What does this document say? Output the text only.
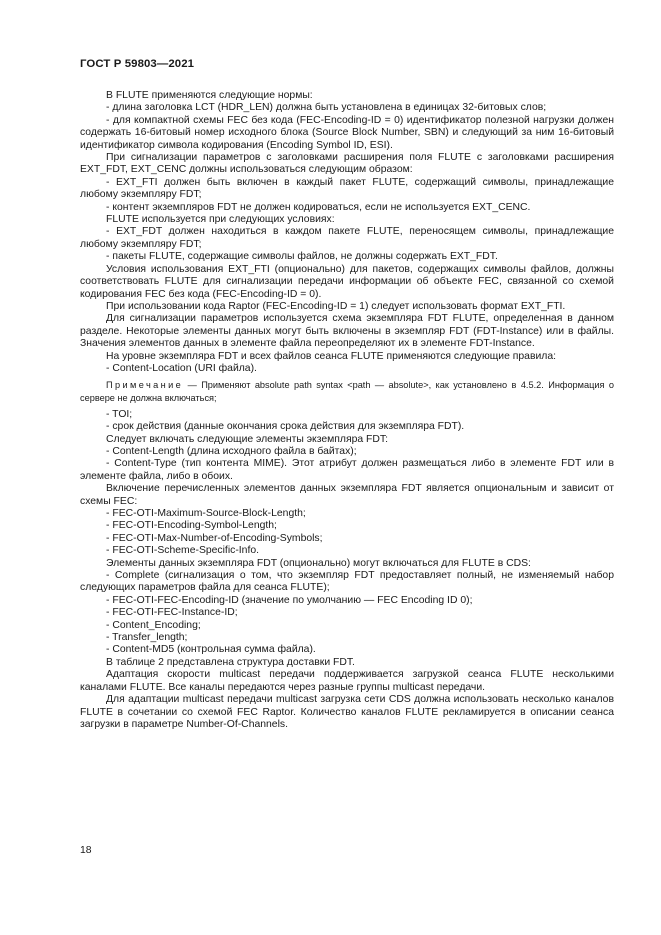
ГОСТ Р 59803—2021

В FLUTE применяются следующие нормы:

- длина заголовка LCT (HDR_LEN) должна быть установлена в единицах 32-битовых слов;

- для компактной схемы FEC без кода (FEC-Encoding-ID = 0) идентификатор полезной нагрузки должен содержать 16-битовый номер исходного блока (Source Block Number, SBN) и следующий за ним 16-битовый идентификатор символа кодирования (Encoding Symbol ID, ESI).

При сигнализации параметров с заголовками расширения поля FLUTE с заголовками расширения EXT_FDT, EXT_CENC должны использоваться следующим образом:

- EXT_FTI должен быть включен в каждый пакет FLUTE, содержащий символы, принадлежащие любому экземпляру FDT;

- контент экземпляров FDT не должен кодироваться, если не используется EXT_CENC.

FLUTE используется при следующих условиях:

- EXT_FDT должен находиться в каждом пакете FLUTE, переносящем символы, принадлежащие любому экземпляру FDT;

- пакеты FLUTE, содержащие символы файлов, не должны содержать EXT_FDT.

Условия использования EXT_FTI (опционально) для пакетов, содержащих символы файлов, должны соответствовать FLUTE для сигнализации передачи информации об объекте FEC, связанной со схемой кодирования FEC без кода (FEC-Encoding-ID = 0).

При использовании кода Raptor (FEC-Encoding-ID = 1) следует использовать формат EXT_FTI.

Для сигнализации параметров используется схема экземпляра FDT FLUTE, определенная в данном разделе. Некоторые элементы данных могут быть включены в экземпляр FDT (FDT-Instance) или в файлы. Значения элементов данных в элементе файла переопределяют их в элементе FDT-Instance.

На уровне экземпляра FDT и всех файлов сеанса FLUTE применяются следующие правила:

- Content-Location (URI файла).

Примечание — Применяют absolute path syntax <path — absolute>, как установлено в 4.5.2. Информация о сервере не должна включаться;

- TOI;

- срок действия (данные окончания срока действия для экземпляра FDT).

Следует включать следующие элементы экземпляра FDT:

- Content-Length (длина исходного файла в байтах);

- Content-Type (тип контента MIME). Этот атрибут должен размещаться либо в элементе FDT или в элементе файла, либо в обоих.

Включение перечисленных элементов данных экземпляра FDT является опциональным и зависит от схемы FEC:

- FEC-OTI-Maximum-Source-Block-Length;

- FEC-OTI-Encoding-Symbol-Length;

- FEC-OTI-Max-Number-of-Encoding-Symbols;

- FEC-OTI-Scheme-Specific-Info.

Элементы данных экземпляра FDT (опционально) могут включаться для FLUTE в CDS:

- Complete (сигнализация о том, что экземпляр FDT предоставляет полный, не изменяемый набор следующих параметров файла для сеанса FLUTE);

- FEC-OTI-FEC-Encoding-ID (значение по умолчанию — FEC Encoding ID 0);

- FEC-OTI-FEC-Instance-ID;

- Content_Encoding;

- Transfer_length;

- Content-MD5 (контрольная сумма файла).

В таблице 2 представлена структура доставки FDT.

Адаптация скорости multicast передачи поддерживается загрузкой сеанса FLUTE несколькими каналами FLUTE. Все каналы передаются через разные группы multicast передачи.

Для адаптации multicast передачи multicast загрузка сети CDS должна использовать несколько каналов FLUTE в сочетании со схемой FEC Raptor. Количество каналов FLUTE рекламируется в описании сеанса загрузки в параметре Number-Of-Channels.

18
